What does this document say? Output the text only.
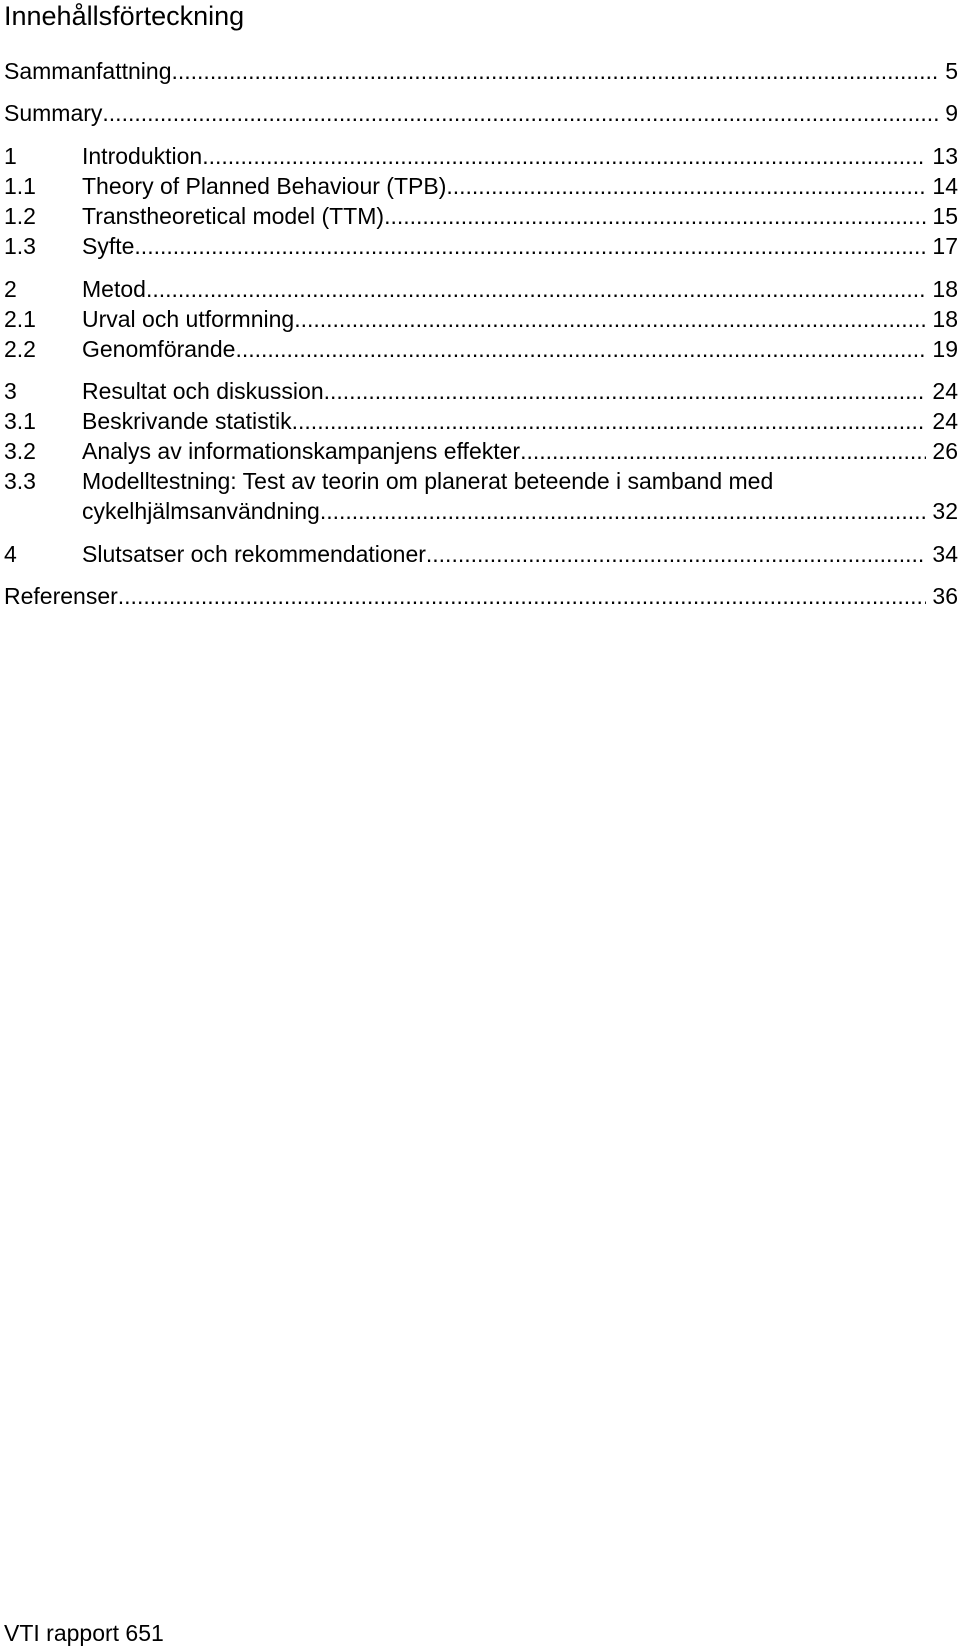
Innehållsförteckning
Sammanfattning .....	5
Summary .....	9
1	Introduktion .....	13
1.1	Theory of Planned Behaviour (TPB) .....	14
1.2	Transtheoretical model (TTM) .....	15
1.3	Syfte .....	17
2	Metod .....	18
2.1	Urval och utformning .....	18
2.2	Genomförande .....	19
3	Resultat och diskussion .....	24
3.1	Beskrivande statistik .....	24
3.2	Analys av informationskampanjens effekter .....	26
3.3 Modelltestning: Test av teorin om planerat beteende i samband med
cykelhjälmsanvändning .....	32
4	Slutsatser och rekommendationer .....	34
Referenser .....	36
VTI rapport 651
